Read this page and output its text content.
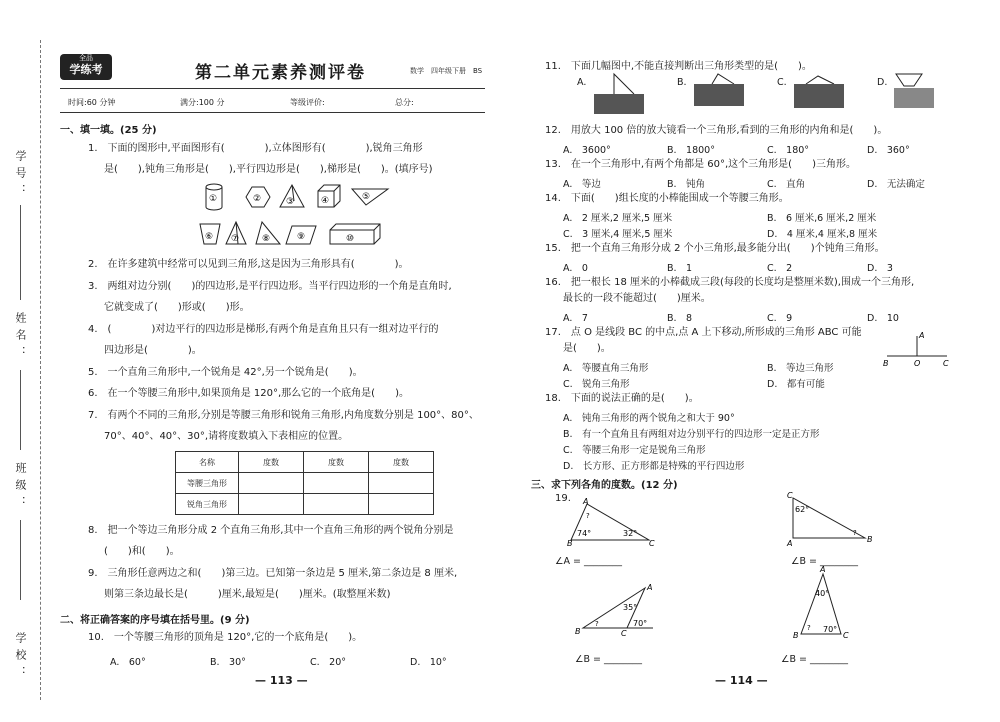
学号：
姓名：
班级：
学校：
全品
学练考	第二单元素养测评卷	数学　四年级下册　BS
时间:60 分钟	满分:100 分	等级评价:	总分:
一、填一填。(25 分)
1.　下面的图形中,平面图形有(　　　　),立体图形有(　　　　),锐角三角形
是(　　),钝角三角形是(　　),平行四边形是(　　),梯形是(　　)。(填序号)
①	②	③	④	⑤
⑥ ⑦	⑧	⑨	⑩
2.　在许多建筑中经常可以见到三角形,这是因为三角形具有(　　　　)。
3.　两组对边分别(　　)的四边形,是平行四边形。当平行四边形的一个角是直角时,
它就变成了(　　)形或(　　)形。
4.　(　　　　)对边平行的四边形是梯形,有两个角是直角且只有一组对边平行的
四边形是(　　　　)。
5.　一个直角三角形中,一个锐角是 42°,另一个锐角是(　　)。
6.　在一个等腰三角形中,如果顶角是 120°,那么它的一个底角是(　　)。
7.　有两个不同的三角形,分别是等腰三角形和锐角三角形,内角度数分别是 100°、80°、
70°、40°、40°、30°,请将度数填入下表相应的位置。
名称	度数	度数	度数
等腰三角形			
锐角三角形			
8.　把一个等边三角形分成 2 个直角三角形,其中一个直角三角形的两个锐角分别是
(　　)和(　　)。
9.　三角形任意两边之和(　　)第三边。已知第一条边是 5 厘米,第二条边是 8 厘米,
则第三条边最长是(　　　)厘米,最短是(　　)厘米。(取整厘米数)
二、将正确答案的序号填在括号里。(9 分)
10.　一个等腰三角形的顶角是 120°,它的一个底角是(　　)。
A.　60°	B.　30°	C.　20°	D.　10°
— 113 —
11.　下面几幅图中,不能直接判断出三角形类型的是(　　)。
A.	B.	C.	D.
12.　用放大 100 倍的放大镜看一个三角形,看到的三角形的内角和是(　　)。
A.　3600°	B.　1800°	C.　180°	D.　360°
13.　在一个三角形中,有两个角都是 60°,这个三角形是(　　)三角形。
A.　等边	B.　钝角	C.　直角	D.　无法确定
14.　下面(　　)组长度的小棒能围成一个等腰三角形。
A.　2 厘米,2 厘米,5 厘米	B.　6 厘米,6 厘米,2 厘米
C.　3 厘米,4 厘米,5 厘米	D.　4 厘米,4 厘米,8 厘米
15.　把一个直角三角形分成 2 个小三角形,最多能分出(　　)个钝角三角形。
A.　0	B.　1	C.　2	D.　3
16.　把一根长 18 厘米的小棒截成三段(每段的长度均是整厘米数),围成一个三角形,
最长的一段不能超过(　　)厘米。
A.　7	B.　8	C.　9	D.　10
17.　点 O 是线段 BC 的中点,点 A 上下移动,所形成的三角形 ABC 可能
是(　　)。
A.　等腰直角三角形	B.　等边三角形
C.　锐角三角形	D.　都有可能
A
B	O	C
18.　下面的说法正确的是(　　)。
A.　钝角三角形的两个锐角之和大于 90°
B.　有一个直角且有两组对边分别平行的四边形一定是正方形
C.　等腰三角形一定是锐角三角形
D.　长方形、正方形都是特殊的平行四边形
三、求下列各角的度数。(12 分)
19. A
B	C
?
74°	32°
∠A = ________
C
A	B
62°
?
∠B = ________
A
B	C
35°
?	70°
∠B = ________
A
B	C
40°
? 70°
∠B = ________
— 114 —
